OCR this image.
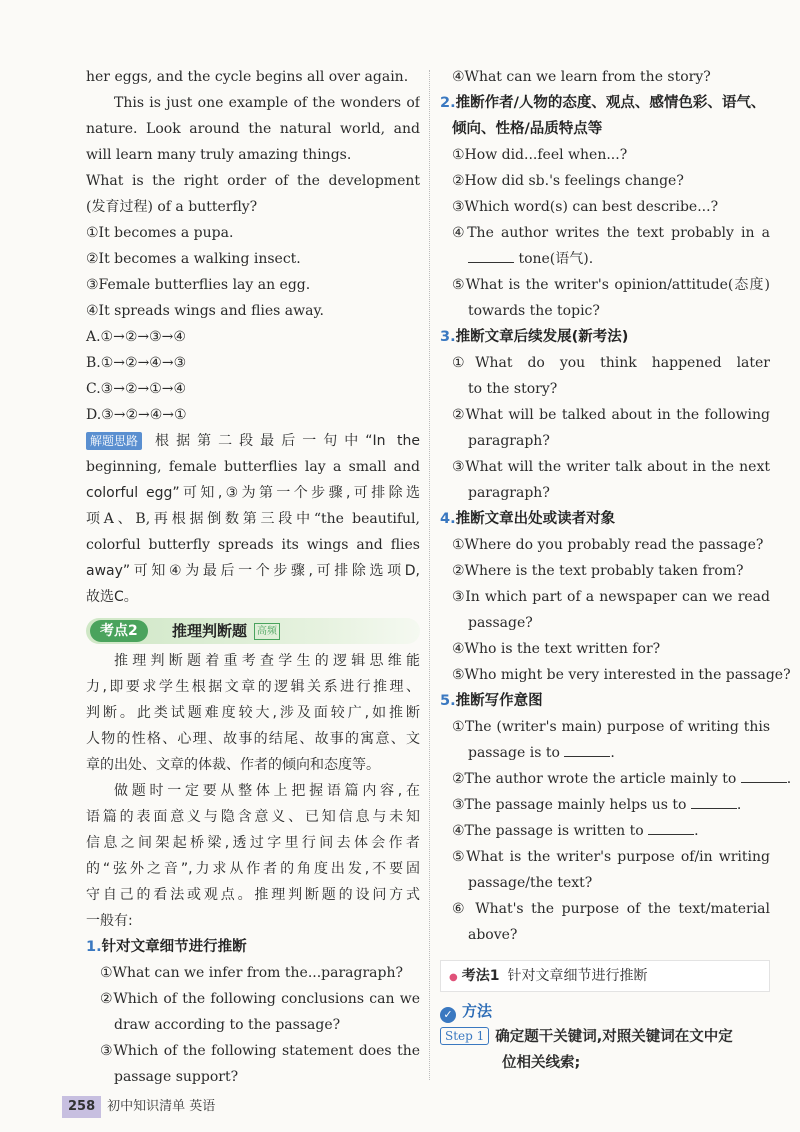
her eggs, and the cycle begins all over again.
This is just one example of the wonders of
nature. Look around the natural world, and
will learn many truly amazing things.
What is the right order of the development
(发育过程) of a butterfly?
①It becomes a pupa.
②It becomes a walking insect.
③Female butterflies lay an egg.
④It spreads wings and flies away.
A.①→②→③→④
B.①→②→④→③
C.③→②→①→④
D.③→②→④→①
解题思路 根据第二段最后一句中“In the
beginning, female butterflies lay a small and
colorful egg”可知,③为第一个步骤,可排除选
项A、B,再根据倒数第三段中“the beautiful,
colorful butterfly spreads its wings and flies
away”可知④为最后一个步骤,可排除选项D,
故选C。
考点2	推理判断题 高频
推理判断题着重考查学生的逻辑思维能
力,即要求学生根据文章的逻辑关系进行推理、
判断。此类试题难度较大,涉及面较广,如推断
人物的性格、心理、故事的结尾、故事的寓意、文
章的出处、文章的体裁、作者的倾向和态度等。
做题时一定要从整体上把握语篇内容,在
语篇的表面意义与隐含意义、已知信息与未知
信息之间架起桥梁,透过字里行间去体会作者
的“弦外之音”,力求从作者的角度出发,不要固
守自己的看法或观点。推理判断题的设问方式
一般有:
1.针对文章细节进行推断
①What can we infer from the...paragraph?
②Which of the following conclusions can we
draw according to the passage?
③Which of the following statement does the
passage support?
④What can we learn from the story?
2.推断作者/人物的态度、观点、感情色彩、语气、
倾向、性格/品质特点等
①How did...feel when...?
②How did sb.'s feelings change?
③Which word(s) can best describe...?
④The author writes the text probably in a
tone(语气).
⑤What is the writer's opinion/attitude(态度)
towards the topic?
3.推断文章后续发展(新考法)
①What do you think happened later
to the story?
②What will be talked about in the following
paragraph?
③What will the writer talk about in the next
paragraph?
4.推断文章出处或读者对象
①Where do you probably read the passage?
②Where is the text probably taken from?
③In which part of a newspaper can we read
passage?
④Who is the text written for?
⑤Who might be very interested in the passage?
5.推断写作意图
①The (writer's main) purpose of writing this
passage is to	.
②The author wrote the article mainly to	.
③The passage mainly helps us to	.
④The passage is written to	.
⑤What is the writer's purpose of/in writing
passage/the text?
⑥ What's the purpose of the text/material
above?
● 考法1 针对文章细节进行推断
✓ 方法
Step 1 确定题干关键词,对照关键词在文中定
位相关线索;
258 初中知识清单 英语
